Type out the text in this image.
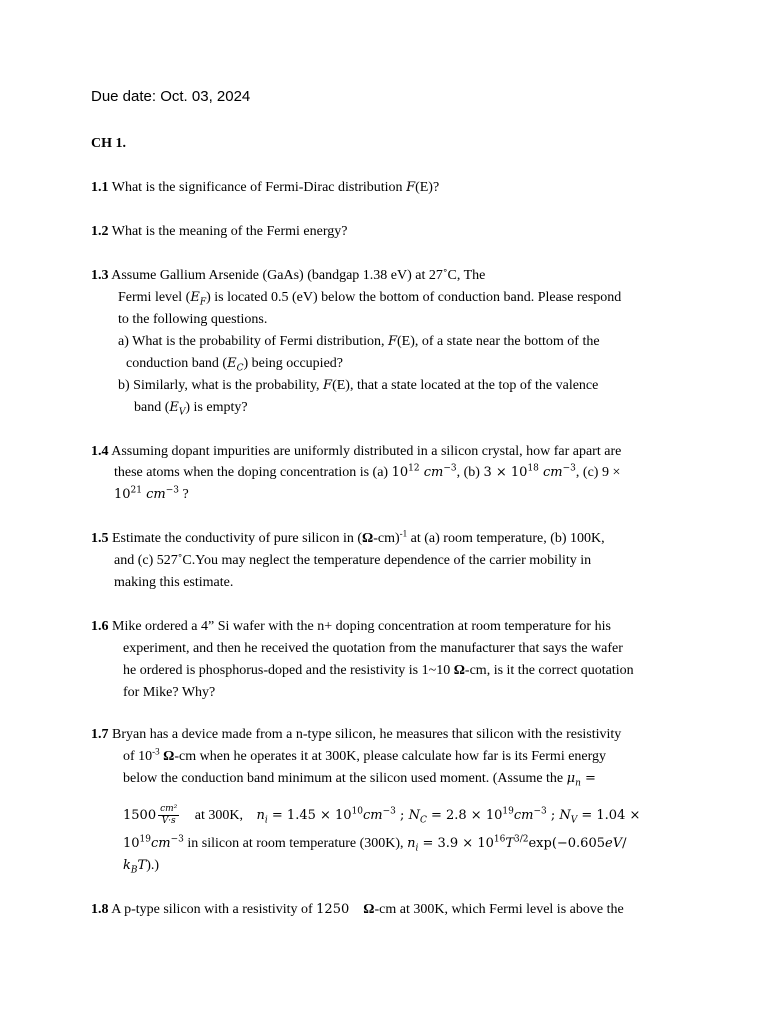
Due date: Oct. 03, 2024
CH 1.
1.1 What is the significance of Fermi-Dirac distribution F(E)?
1.2 What is the meaning of the Fermi energy?
1.3 Assume Gallium Arsenide (GaAs) (bandgap 1.38 eV) at 27˚C, The
Fermi level $(E_F)$ is located 0.5 (eV) below the bottom of conduction band. Please respond
to the following questions.
a) What is the probability of Fermi distribution, F(E), of a state near the bottom of the
conduction band $(E_C)$ being occupied?
b) Similarly, what is the probability, F(E), that a state located at the top of the valence
band $(E_V)$ is empty?
1.4 Assuming dopant impurities are uniformly distributed in a silicon crystal, how far apart are
these atoms when the doping concentration is (a) $10^{12}$ $cm^{-3}$, (b) $3 \times 10^{18}$ $cm^{-3}$, (c) 9 ×
$10^{21}$ $cm^{-3}$ ?
1.5 Estimate the conductivity of pure silicon in $(\Omega-cm)^{-1}$ at (a) room temperature, (b) 100K,
and (c) 527˚C.You may neglect the temperature dependence of the carrier mobility in
making this estimate.
1.6 Mike ordered a 4” Si wafer with the n+ doping concentration at room temperature for his
experiment, and then he received the quotation from the manufacturer that says the wafer
he ordered is phosphorus-doped and the resistivity is 1~10 Ω-cm, is it the correct quotation
for Mike? Why?
1.7 Bryan has a device made from a n-type silicon, he measures that silicon with the resistivity
of $10^{-3}$ Ω-cm when he operates it at 300K, please calculate how far is its Fermi energy
below the conduction band minimum at the silicon used moment. (Assume the $\mu_n$ =
$1500 \frac{\text{cm²}}{V\cdot s}$ at 300K, $n_i = 1.45 \times 10^{10}cm^{-3}$ ; $N_C = 2.8 \times 10^{19}cm^{-3}$ ; $N_V = 1.04$ ×
$10^{19}cm^{-3}$ in silicon at room temperature (300K), $n_i = 3.9 \times 10^{16}T^{3/2}\exp(-0.605eV/$
$k_BT$).)
1.8 A p-type silicon with a resistivity of 1250 Ω-cm at 300K, which Fermi level is above the
